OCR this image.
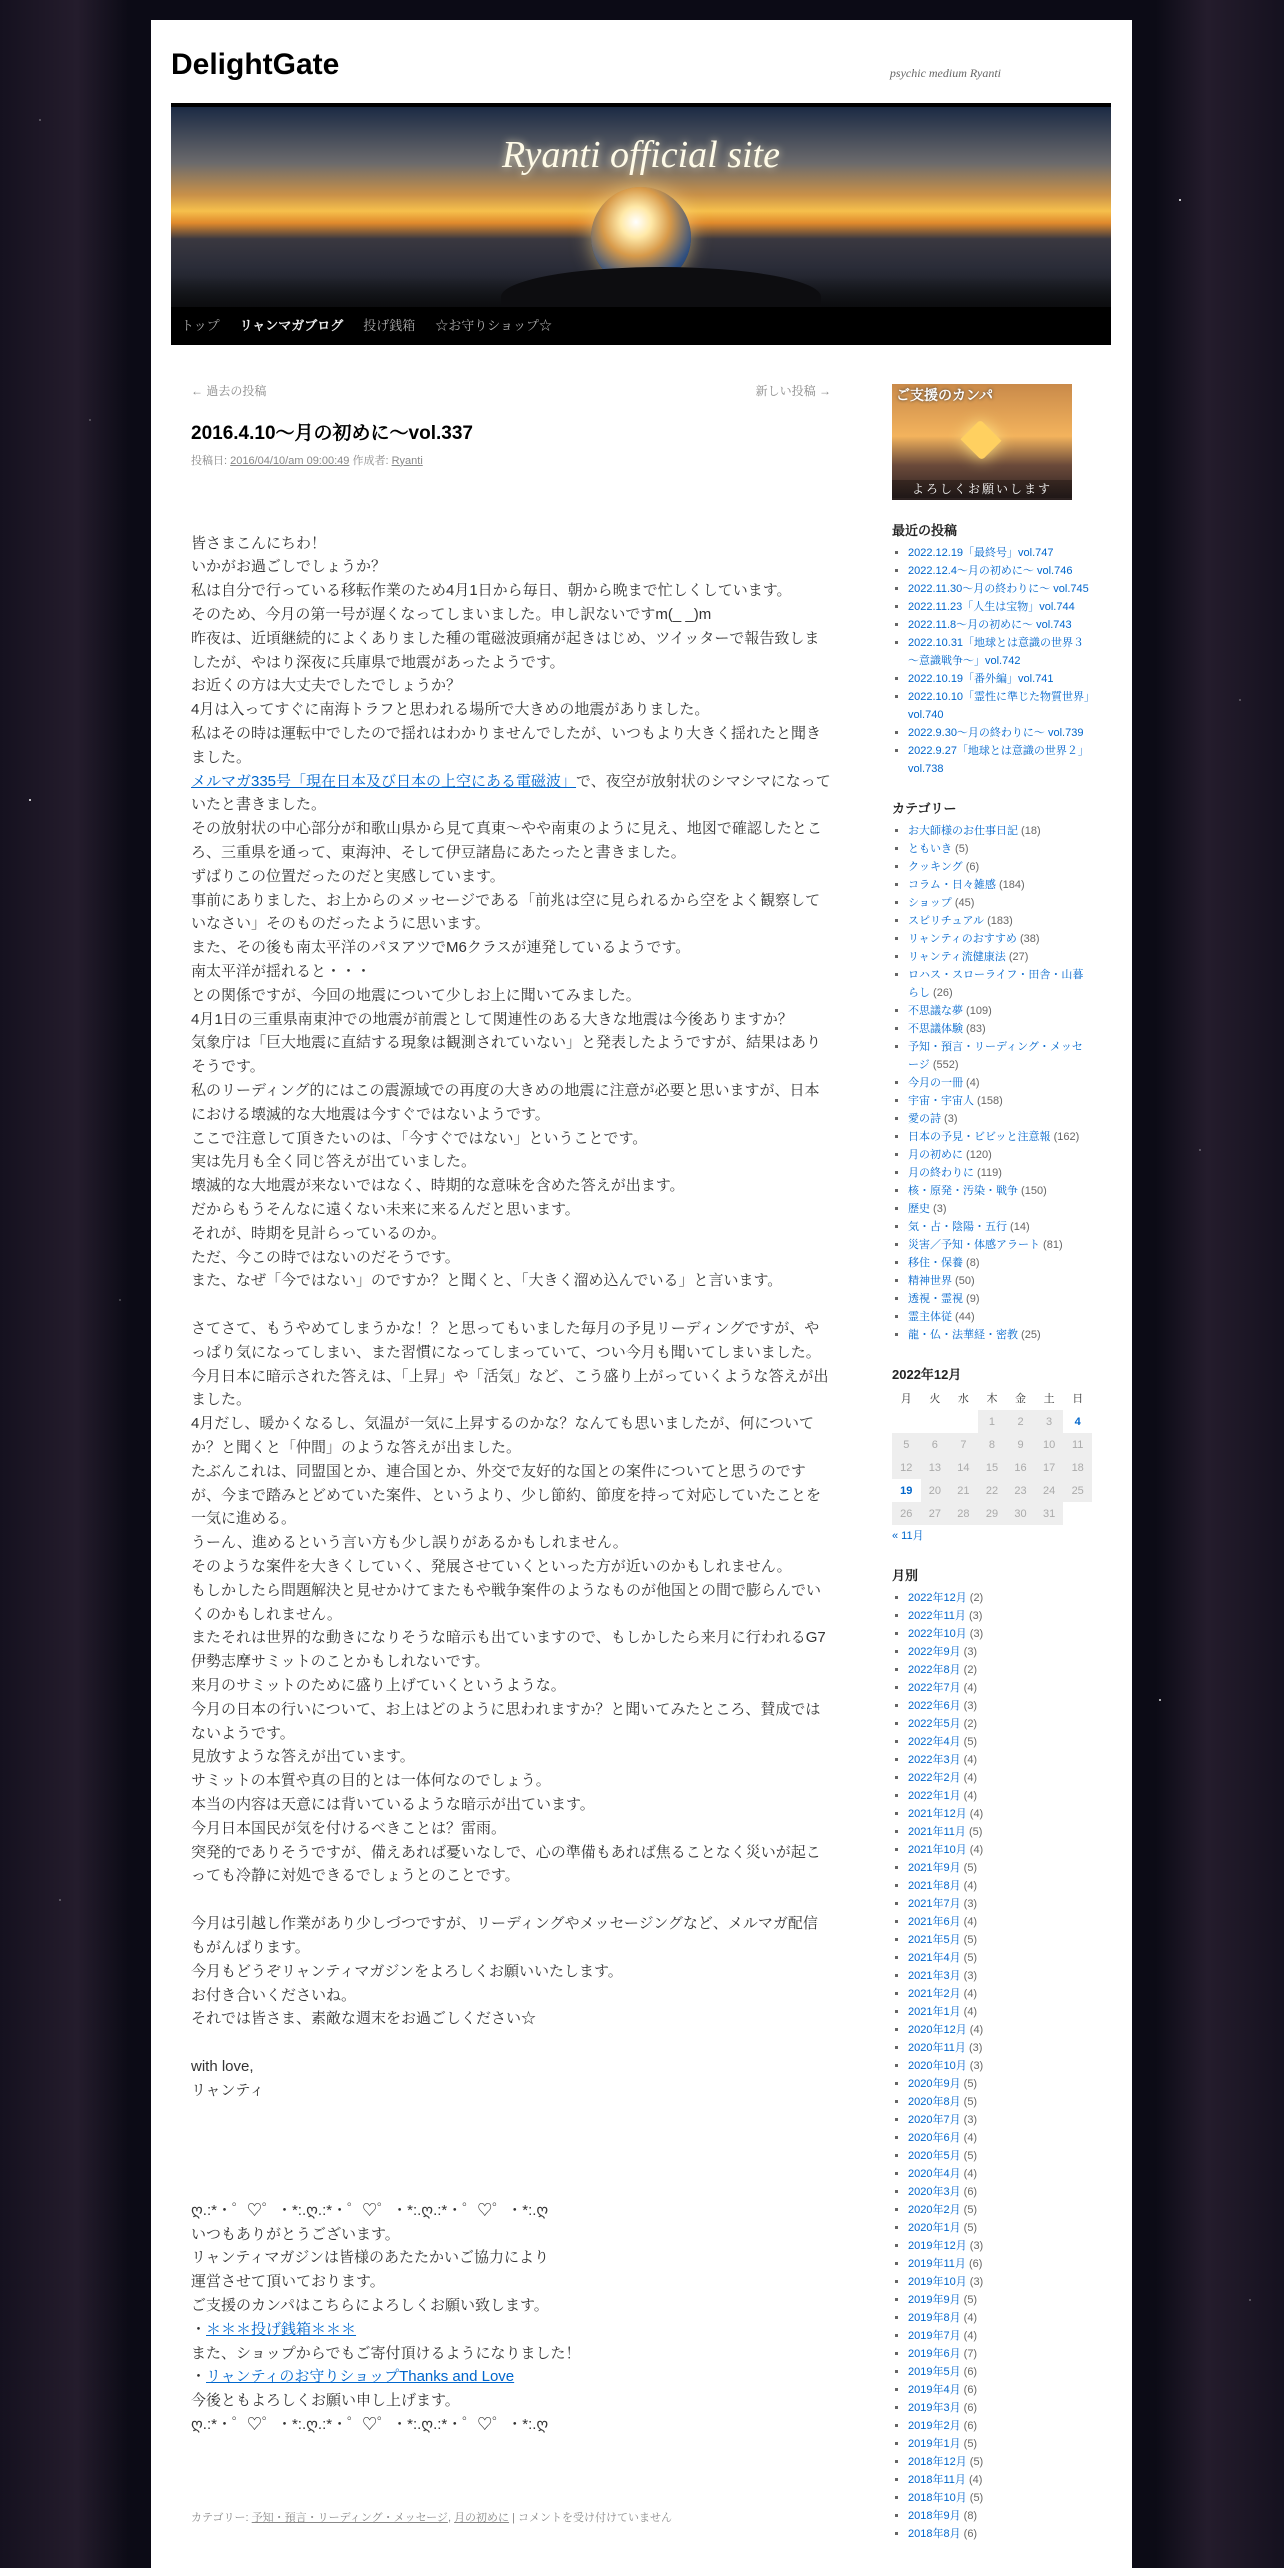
DelightGate	psychic medium Ryanti
Ryanti official site
トップ リャンマガブログ 投げ銭箱 ☆お守りショップ☆
← 過去の投稿	新しい投稿 →
2016.4.10～月の初めに～vol.337
投稿日: 2016/04/10/am 09:00:49 作成者: Ryanti

皆さまこんにちわ！

いかがお過ごしでしょうか？

私は自分で行っている移転作業のため4月1日から毎日、朝から晩まで忙しくしています。

そのため、今月の第一号が遅くなってしまいました。申し訳ないですm(_ _)m

昨夜は、近頃継続的によくありました種の電磁波頭痛が起きはじめ、ツイッターで報告致しましたが、やはり深夜に兵庫県で地震があったようです。

お近くの方は大丈夫でしたでしょうか？

4月は入ってすぐに南海トラフと思われる場所で大きめの地震がありました。

私はその時は運転中でしたので揺れはわかりませんでしたが、いつもより大きく揺れたと聞きました。

メルマガ335号「現在日本及び日本の上空にある電磁波」で、夜空が放射状のシマシマになっていたと書きました。

その放射状の中心部分が和歌山県から見て真東～やや南東のように見え、地図で確認したところ、三重県を通って、東海沖、そして伊豆諸島にあたったと書きました。

ずばりこの位置だったのだと実感しています。

事前にありました、お上からのメッセージである「前兆は空に見られるから空をよく観察していなさい」そのものだったように思います。

また、その後も南太平洋のパヌアツでM6クラスが連発しているようです。

南太平洋が揺れると・・・

との関係ですが、今回の地震について少しお上に聞いてみました。

4月1日の三重県南東沖での地震が前震として関連性のある大きな地震は今後ありますか？

気象庁は「巨大地震に直結する現象は観測されていない」と発表したようですが、結果はありそうです。

私のリーディング的にはこの震源域での再度の大きめの地震に注意が必要と思いますが、日本における壊滅的な大地震は今すぐではないようです。

ここで注意して頂きたいのは、「今すぐではない」ということです。

実は先月も全く同じ答えが出ていました。

壊滅的な大地震が来ないではなく、時期的な意味を含めた答えが出ます。

だからもうそんなに遠くない未来に来るんだと思います。

それが、時期を見計らっているのか。

ただ、今この時ではないのだそうです。

また、なぜ「今ではない」のですか？と聞くと、「大きく溜め込んでいる」と言います。

さてさて、もうやめてしまうかな！？と思ってもいました毎月の予見リーディングですが、やっぱり気になってしまい、また習慣になってしまっていて、つい今月も聞いてしまいました。

今月日本に暗示された答えは、「上昇」や「活気」など、こう盛り上がっていくような答えが出ました。

4月だし、暖かくなるし、気温が一気に上昇するのかな？なんても思いましたが、何についてか？と聞くと「仲間」のような答えが出ました。

たぶんこれは、同盟国とか、連合国とか、外交で友好的な国との案件についてと思うのですが、今まで踏みとどめていた案件、というより、少し節約、節度を持って対応していたことを一気に進める。

うーん、進めるという言い方も少し誤りがあるかもしれません。

そのような案件を大きくしていく、発展させていくといった方が近いのかもしれません。

もしかしたら問題解決と見せかけてまたもや戦争案件のようなものが他国との間で膨らんでいくのかもしれません。

またそれは世界的な動きになりそうな暗示も出ていますので、もしかしたら来月に行われるG7伊勢志摩サミットのことかもしれないです。

来月のサミットのために盛り上げていくというような。

今月の日本の行いについて、お上はどのように思われますか？と聞いてみたところ、賛成ではないようです。

見放すような答えが出ています。

サミットの本質や真の目的とは一体何なのでしょう。

本当の内容は天意には背いているような暗示が出ています。

今月日本国民が気を付けるべきことは？雷雨。

突発的でありそうですが、備えあれば憂いなしで、心の準備もあれば焦ることなく災いが起こっても冷静に対処できるでしょうとのことです。

今月は引越し作業があり少しづつですが、リーディングやメッセージングなど、メルマガ配信もがんばります。

今月もどうぞリャンティマガジンをよろしくお願いいたします。

お付き合いくださいね。

それでは皆さま、素敵な週末をお過ごしください☆

with love,

リャンティ

ღ.:*・゜♡゜・*:.ღ.:*・゜♡゜・*:.ღ.:*・゜♡゜・*:.ღ

いつもありがとうございます。

リャンティマガジンは皆様のあたたかいご協力により

運営させて頂いております。

ご支援のカンパはこちらによろしくお願い致します。

・＊＊＊投げ銭箱＊＊＊

また、ショップからでもご寄付頂けるようになりました！

・リャンティのお守りショップThanks and Love

今後ともよろしくお願い申し上げます。

ღ.:*・゜♡゜・*:.ღ.:*・゜♡゜・*:.ღ.:*・゜♡゜・*:.ღ

カテゴリー: 予知・預言・リーディング・メッセージ, 月の初めに | コメントを受け付けていません
ご支援のカンパ
よろしくお願いします
最近の投稿
▪ 2022.12.19「最終号」vol.747
▪ 2022.12.4～月の初めに～ vol.746
▪ 2022.11.30～月の終わりに～ vol.745
▪ 2022.11.23「人生は宝物」vol.744
▪ 2022.11.8～月の初めに～ vol.743
▪ 2022.10.31「地球とは意識の世界３～意識戦争～」vol.742
▪ 2022.10.19「番外編」vol.741
▪ 2022.10.10「霊性に準じた物質世界」vol.740
▪ 2022.9.30～月の終わりに～ vol.739
▪ 2022.9.27「地球とは意識の世界２」vol.738
カテゴリー
▪ お大師様のお仕事日記 (18)
▪ ともいき (5)
▪ クッキング (6)
▪ コラム・日々雑感 (184)
▪ ショップ (45)
▪ スピリチュアル (183)
▪ リャンティのおすすめ (38)
▪ リャンティ流健康法 (27)
▪ ロハス・スローライフ・田舎・山暮らし (26)
▪ 不思議な夢 (109)
▪ 不思議体験 (83)
▪ 予知・預言・リーディング・メッセージ (552)
▪ 今月の一冊 (4)
▪ 宇宙・宇宙人 (158)
▪ 愛の詩 (3)
▪ 日本の予見・ビビッと注意報 (162)
▪ 月の初めに (120)
▪ 月の終わりに (119)
▪ 核・原発・汚染・戦争 (150)
▪ 歴史 (3)
▪ 気・占・陰陽・五行 (14)
▪ 災害／予知・体感アラート (81)
▪ 移住・保養 (8)
▪ 精神世界 (50)
▪ 透視・霊視 (9)
▪ 霊主体従 (44)
▪ 龍・仏・法華経・密教 (25)
2022年12月
月	火	水	木	金	土	日
			1	2	3	4
5	6	7	8	9	10	11
12	13	14	15	16	17	18
19	20	21	22	23	24	25
26	27	28	29	30	31	
« 11月
月別
▪ 2022年12月 (2)
▪ 2022年11月 (3)
▪ 2022年10月 (3)
▪ 2022年9月 (3)
▪ 2022年8月 (2)
▪ 2022年7月 (4)
▪ 2022年6月 (3)
▪ 2022年5月 (2)
▪ 2022年4月 (5)
▪ 2022年3月 (4)
▪ 2022年2月 (4)
▪ 2022年1月 (4)
▪ 2021年12月 (4)
▪ 2021年11月 (5)
▪ 2021年10月 (4)
▪ 2021年9月 (5)
▪ 2021年8月 (4)
▪ 2021年7月 (3)
▪ 2021年6月 (4)
▪ 2021年5月 (5)
▪ 2021年4月 (5)
▪ 2021年3月 (3)
▪ 2021年2月 (4)
▪ 2021年1月 (4)
▪ 2020年12月 (4)
▪ 2020年11月 (3)
▪ 2020年10月 (3)
▪ 2020年9月 (5)
▪ 2020年8月 (5)
▪ 2020年7月 (3)
▪ 2020年6月 (4)
▪ 2020年5月 (5)
▪ 2020年4月 (4)
▪ 2020年3月 (6)
▪ 2020年2月 (5)
▪ 2020年1月 (5)
▪ 2019年12月 (3)
▪ 2019年11月 (6)
▪ 2019年10月 (3)
▪ 2019年9月 (5)
▪ 2019年8月 (4)
▪ 2019年7月 (4)
▪ 2019年6月 (7)
▪ 2019年5月 (6)
▪ 2019年4月 (6)
▪ 2019年3月 (6)
▪ 2019年2月 (6)
▪ 2019年1月 (5)
▪ 2018年12月 (5)
▪ 2018年11月 (4)
▪ 2018年10月 (5)
▪ 2018年9月 (8)
▪ 2018年8月 (6)
